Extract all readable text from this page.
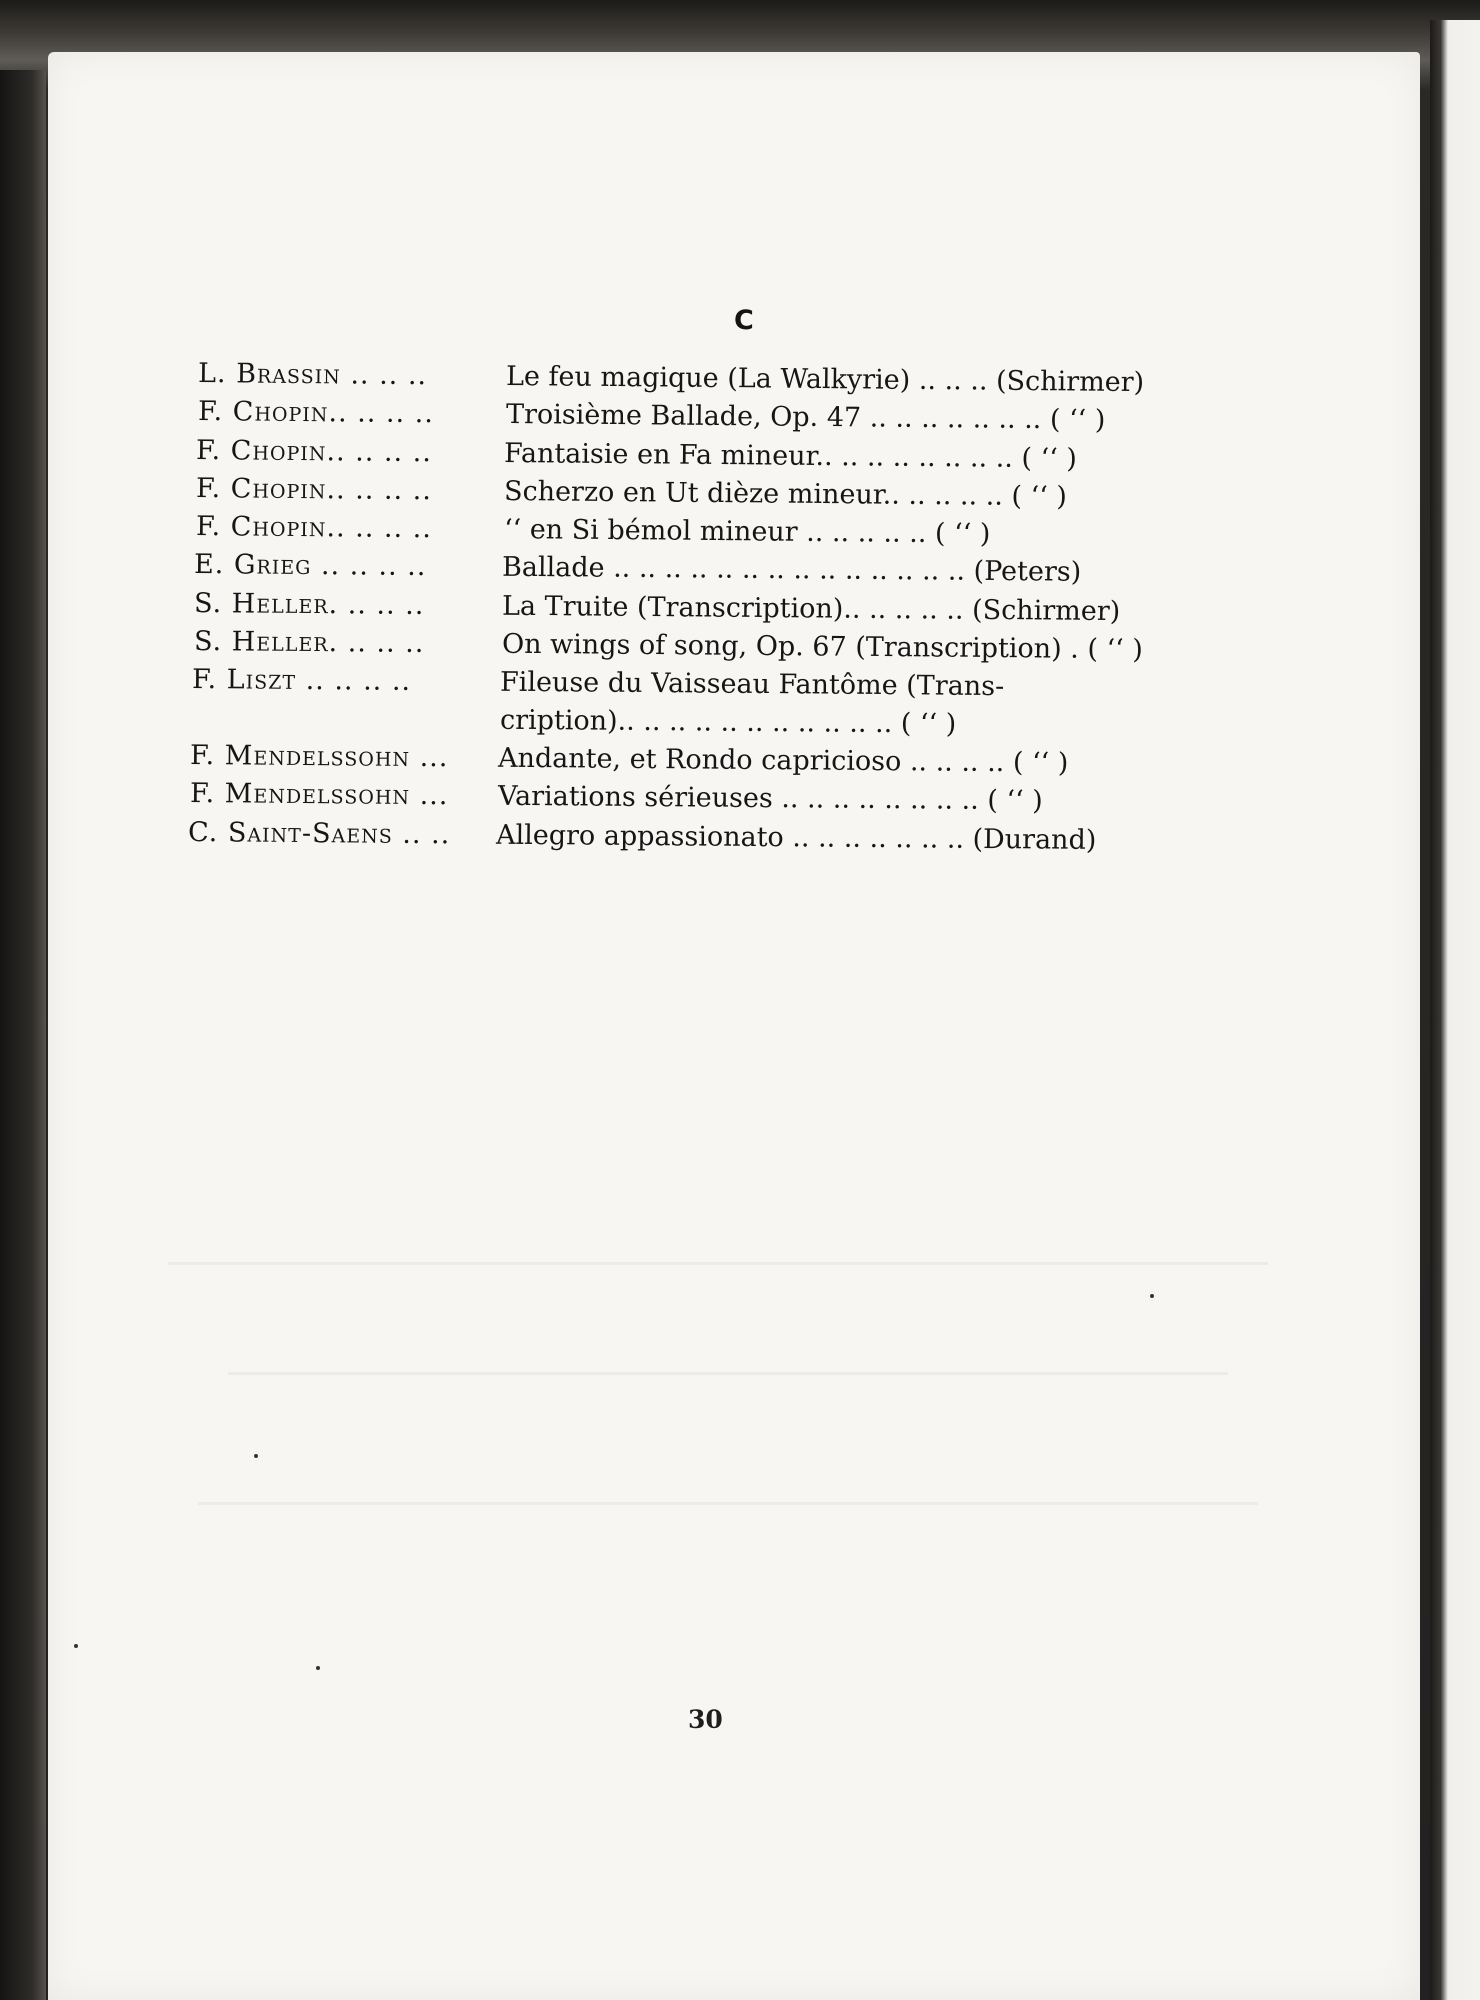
C
L. Brassin .. .. ..	Le feu magique (La Walkyrie) .. .. .. (Schirmer)
F. Chopin.. .. .. ..	Troisième Ballade, Op. 47 .. .. .. .. .. .. .. ( ‘‘ )
F. Chopin.. .. .. ..	Fantaisie en Fa mineur.. .. .. .. .. .. .. .. ( ‘‘ )
F. Chopin.. .. .. ..	Scherzo en Ut dièze mineur.. .. .. .. .. ( ‘‘ )
F. Chopin.. .. .. ..	‘‘ en Si bémol mineur .. .. .. .. .. ( ‘‘ )
E. Grieg .. .. .. ..	Ballade .. .. .. .. .. .. .. .. .. .. .. .. .. .. (Peters)
S. Heller. .. .. ..	La Truite (Transcription).. .. .. .. .. (Schirmer)
S. Heller. .. .. ..	On wings of song, Op. 67 (Transcription) . ( ‘‘ )
F. Liszt .. .. .. ..	Fileuse du Vaisseau Fantôme (Trans-
cription).. .. .. .. .. .. .. .. .. .. .. ( ‘‘ )
F. Mendelssohn ... Andante, et Rondo capricioso .. .. .. .. ( ‘‘ )
F. Mendelssohn ... Variations sérieuses .. .. .. .. .. .. .. .. ( ‘‘ )
C. Saint-Saens .. .. Allegro appassionato .. .. .. .. .. .. .. (Durand)
30
